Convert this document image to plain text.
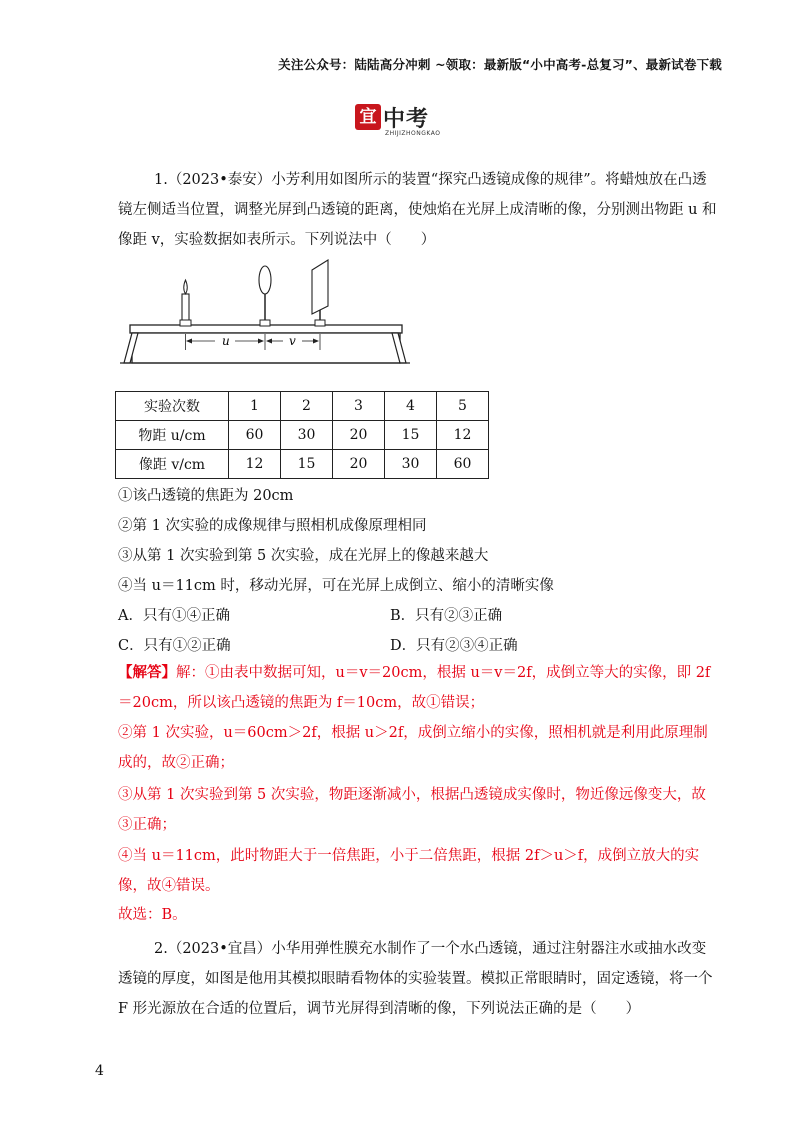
关注公众号：陆陆高分冲刺 ~领取：最新版“小中高考-总复习”、最新试卷下载
宜 中考
ZHIJIZHONGKAO

1.（2023•泰安）小芳利用如图所示的装置“探究凸透镜成像的规律”。将蜡烛放在凸透镜左侧适当位置，调整光屏到凸透镜的距离，使烛焰在光屏上成清晰的像，分别测出物距 u 和像距 v，实验数据如表所示。下列说法中（　　）

u	v
实验次数	1	2	3	4	5
物距 u/cm	60	30	20	15	12
像距 v/cm	12	15	20	30	60

①该凸透镜的焦距为 20cm

②第 1 次实验的成像规律与照相机成像原理相同

③从第 1 次实验到第 5 次实验，成在光屏上的像越来越大

④当 u＝11cm 时，移动光屏，可在光屏上成倒立、缩小的清晰实像

A．只有①④正确	B．只有②③正确
C．只有①②正确	D．只有②③④正确

【解答】解：①由表中数据可知，u＝v＝20cm，根据 u＝v＝2f，成倒立等大的实像，即 2f＝20cm，所以该凸透镜的焦距为 f＝10cm，故①错误；

②第 1 次实验，u＝60cm＞2f，根据 u＞2f，成倒立缩小的实像，照相机就是利用此原理制成的，故②正确；

③从第 1 次实验到第 5 次实验，物距逐渐减小，根据凸透镜成实像时，物近像远像变大，故③正确；

④当 u＝11cm，此时物距大于一倍焦距，小于二倍焦距，根据 2f＞u＞f，成倒立放大的实像，故④错误。

故选：B。

2.（2023•宜昌）小华用弹性膜充水制作了一个水凸透镜，通过注射器注水或抽水改变透镜的厚度，如图是他用其模拟眼睛看物体的实验装置。模拟正常眼睛时，固定透镜，将一个 F 形光源放在合适的位置后，调节光屏得到清晰的像，下列说法正确的是（　　）

4
